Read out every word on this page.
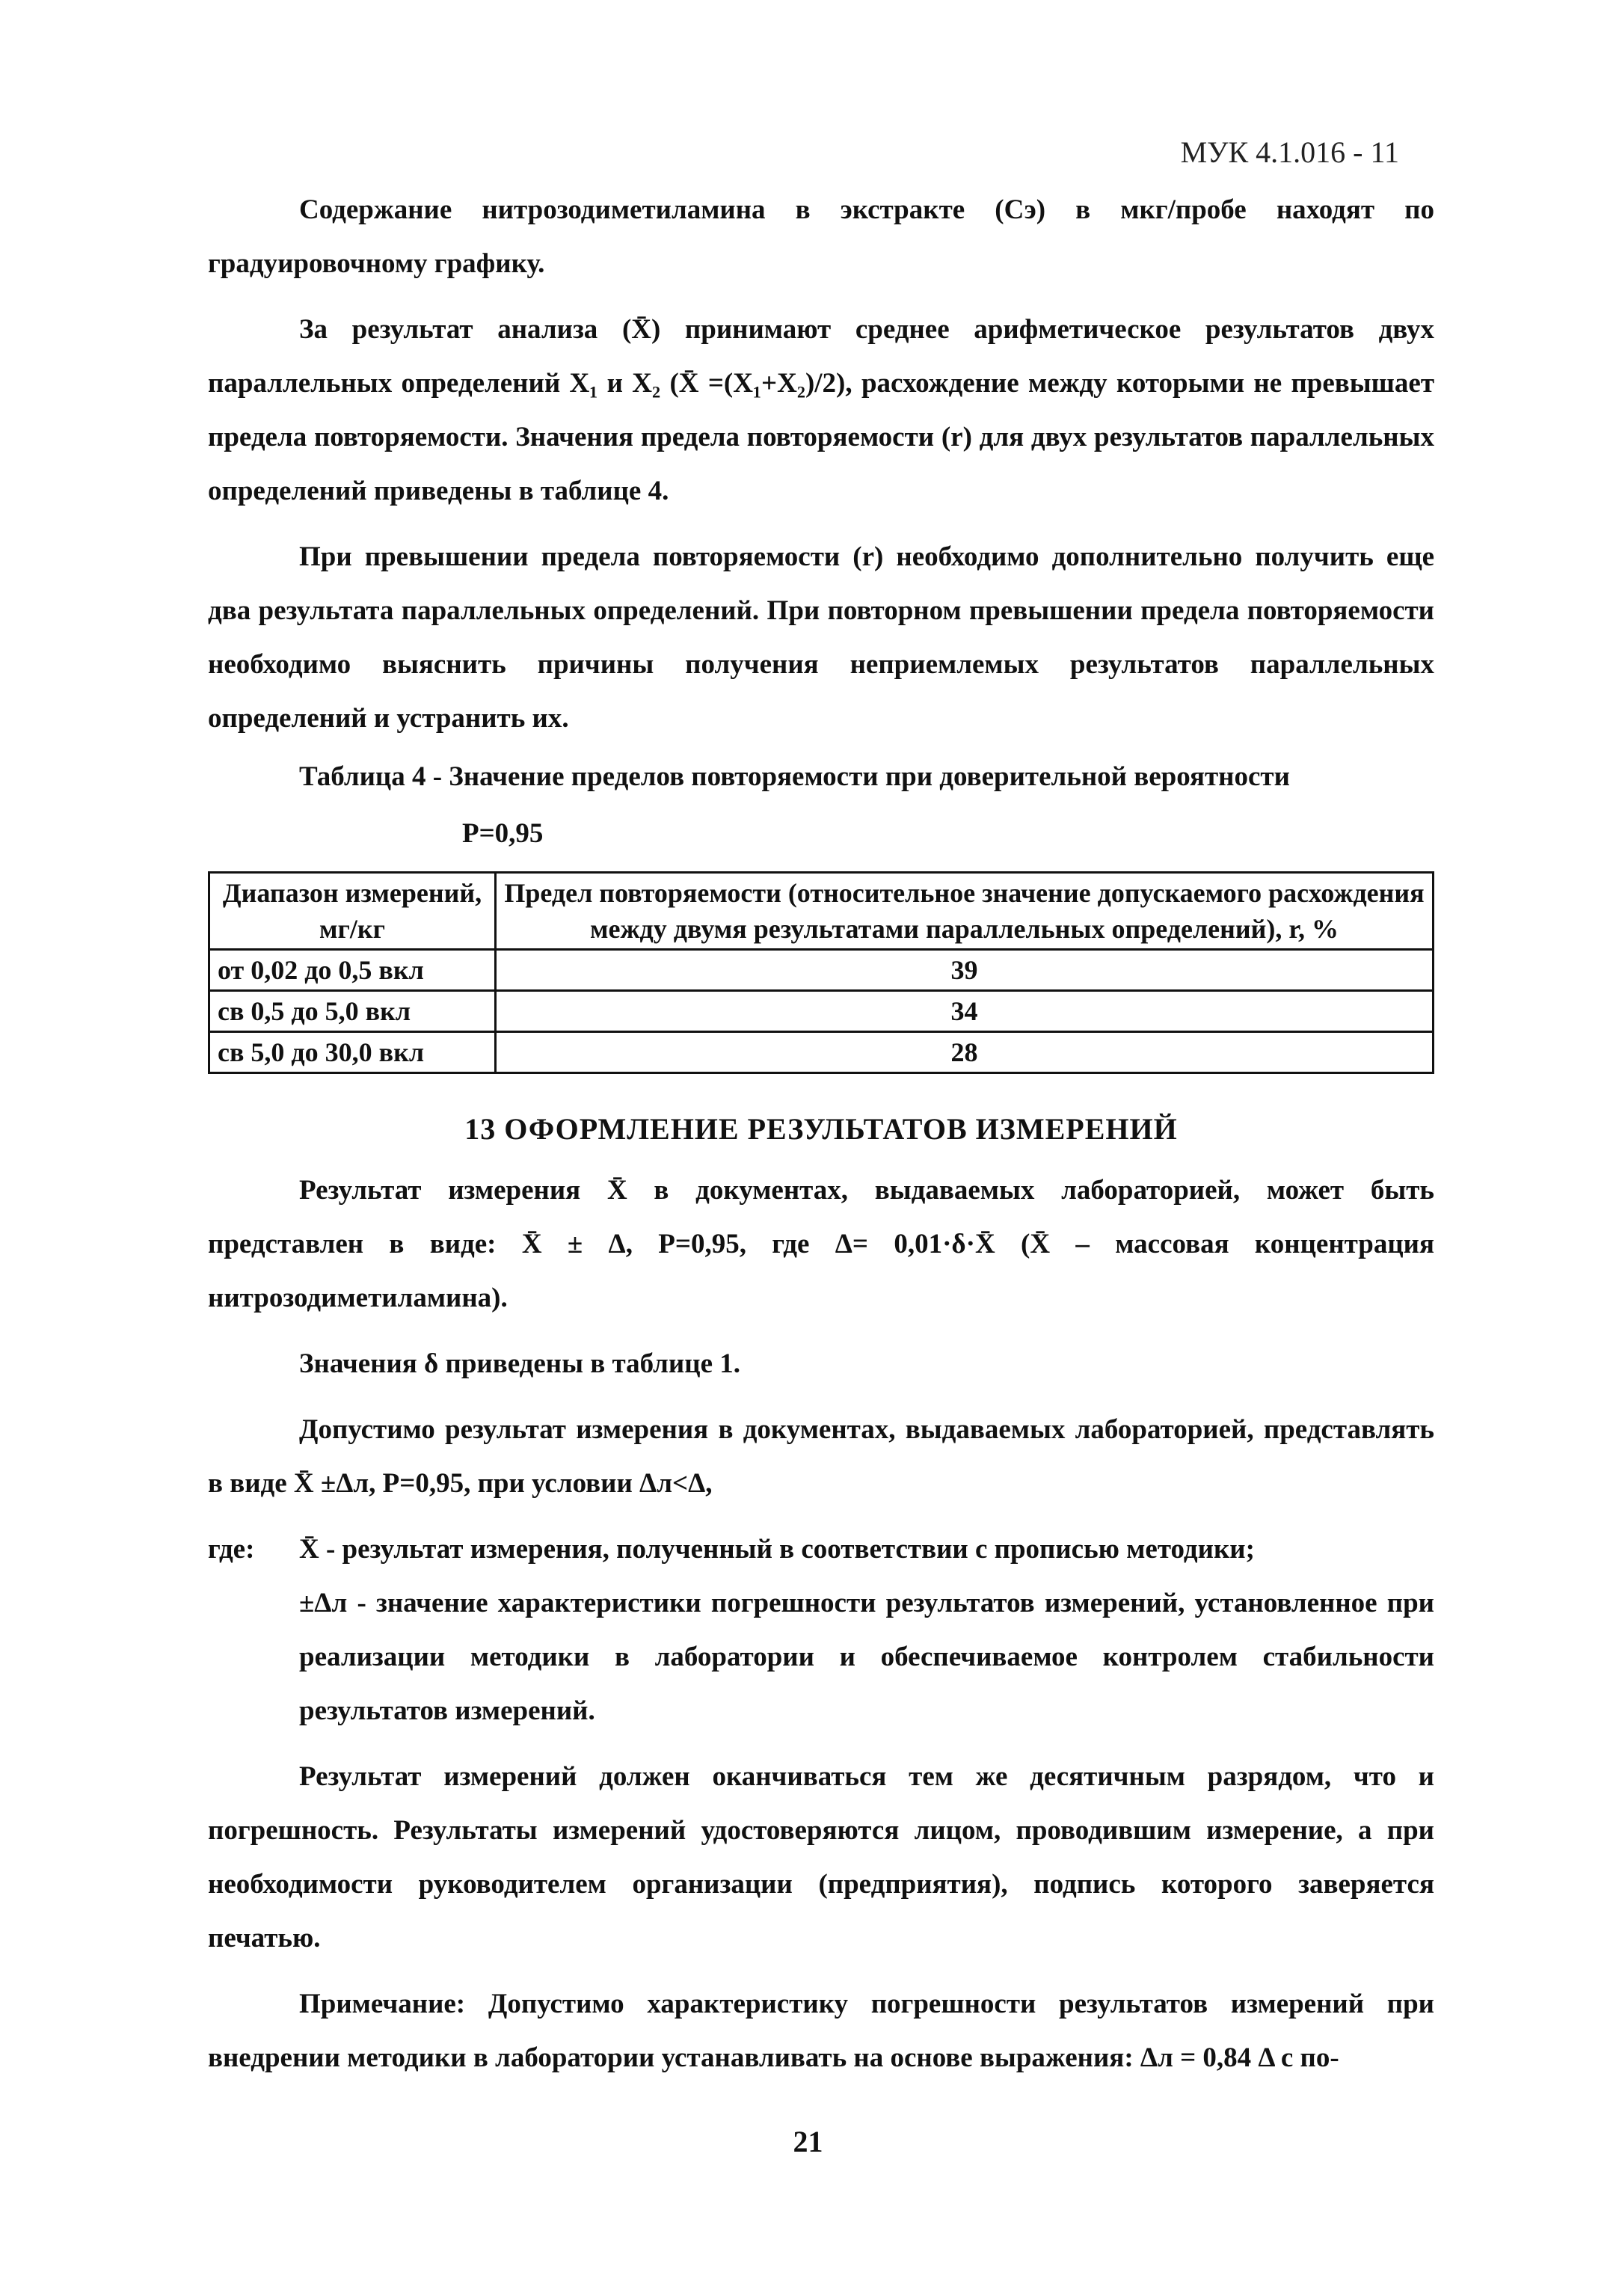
МУК 4.1.016 - 11

Содержание нитрозодиметиламина в экстракте (Сэ) в мкг/пробе находят по градуировочному графику.

За результат анализа (X̄) принимают среднее арифметическое результатов двух параллельных определений X₁ и X₂ (X̄ =(X₁+X₂)/2), расхождение между которыми не превышает предела повторяемости. Значения предела повторяемости (r) для двух результатов параллельных определений приведены в таблице 4.

При превышении предела повторяемости (r) необходимо дополнительно получить еще два результата параллельных определений. При повторном превышении предела повторяемости необходимо выяснить причины получения неприемлемых результатов параллельных определений и устранить их.

Таблица 4 - Значение пределов повторяемости при доверительной вероятности

P=0,95

Диапазон измерений, мг/кг	Предел повторяемости (относительное значение допускаемого расхождения между двумя результатами параллельных определений), r, %
от 0,02 до 0,5 вкл	39
св 0,5 до 5,0 вкл	34
св 5,0 до 30,0 вкл	28
13 ОФОРМЛЕНИЕ РЕЗУЛЬТАТОВ ИЗМЕРЕНИЙ

Результат измерения X̄ в документах, выдаваемых лабораторией, может быть представлен в виде: X̄ ± Δ, P=0,95, где Δ= 0,01·δ·X̄ (X̄ – массовая концентрация нитрозодиметиламина).

Значения δ приведены в таблице 1.

Допустимо результат измерения в документах, выдаваемых лабораторией, представлять в виде X̄ ±Δл, P=0,95, при условии Δл<Δ,

где:	X̄ - результат измерения, полученный в соответствии с прописью методики;

±Δл - значение характеристики погрешности результатов измерений, установленное при реализации методики в лаборатории и обеспечиваемое контролем стабильности результатов измерений.

Результат измерений должен оканчиваться тем же десятичным разрядом, что и погрешность. Результаты измерений удостоверяются лицом, проводившим измерение, а при необходимости руководителем организации (предприятия), подпись которого заверяется печатью.

Примечание: Допустимо характеристику погрешности результатов измерений при внедрении методики в лаборатории устанавливать на основе выражения: Δл = 0,84 Δ с по-

21
